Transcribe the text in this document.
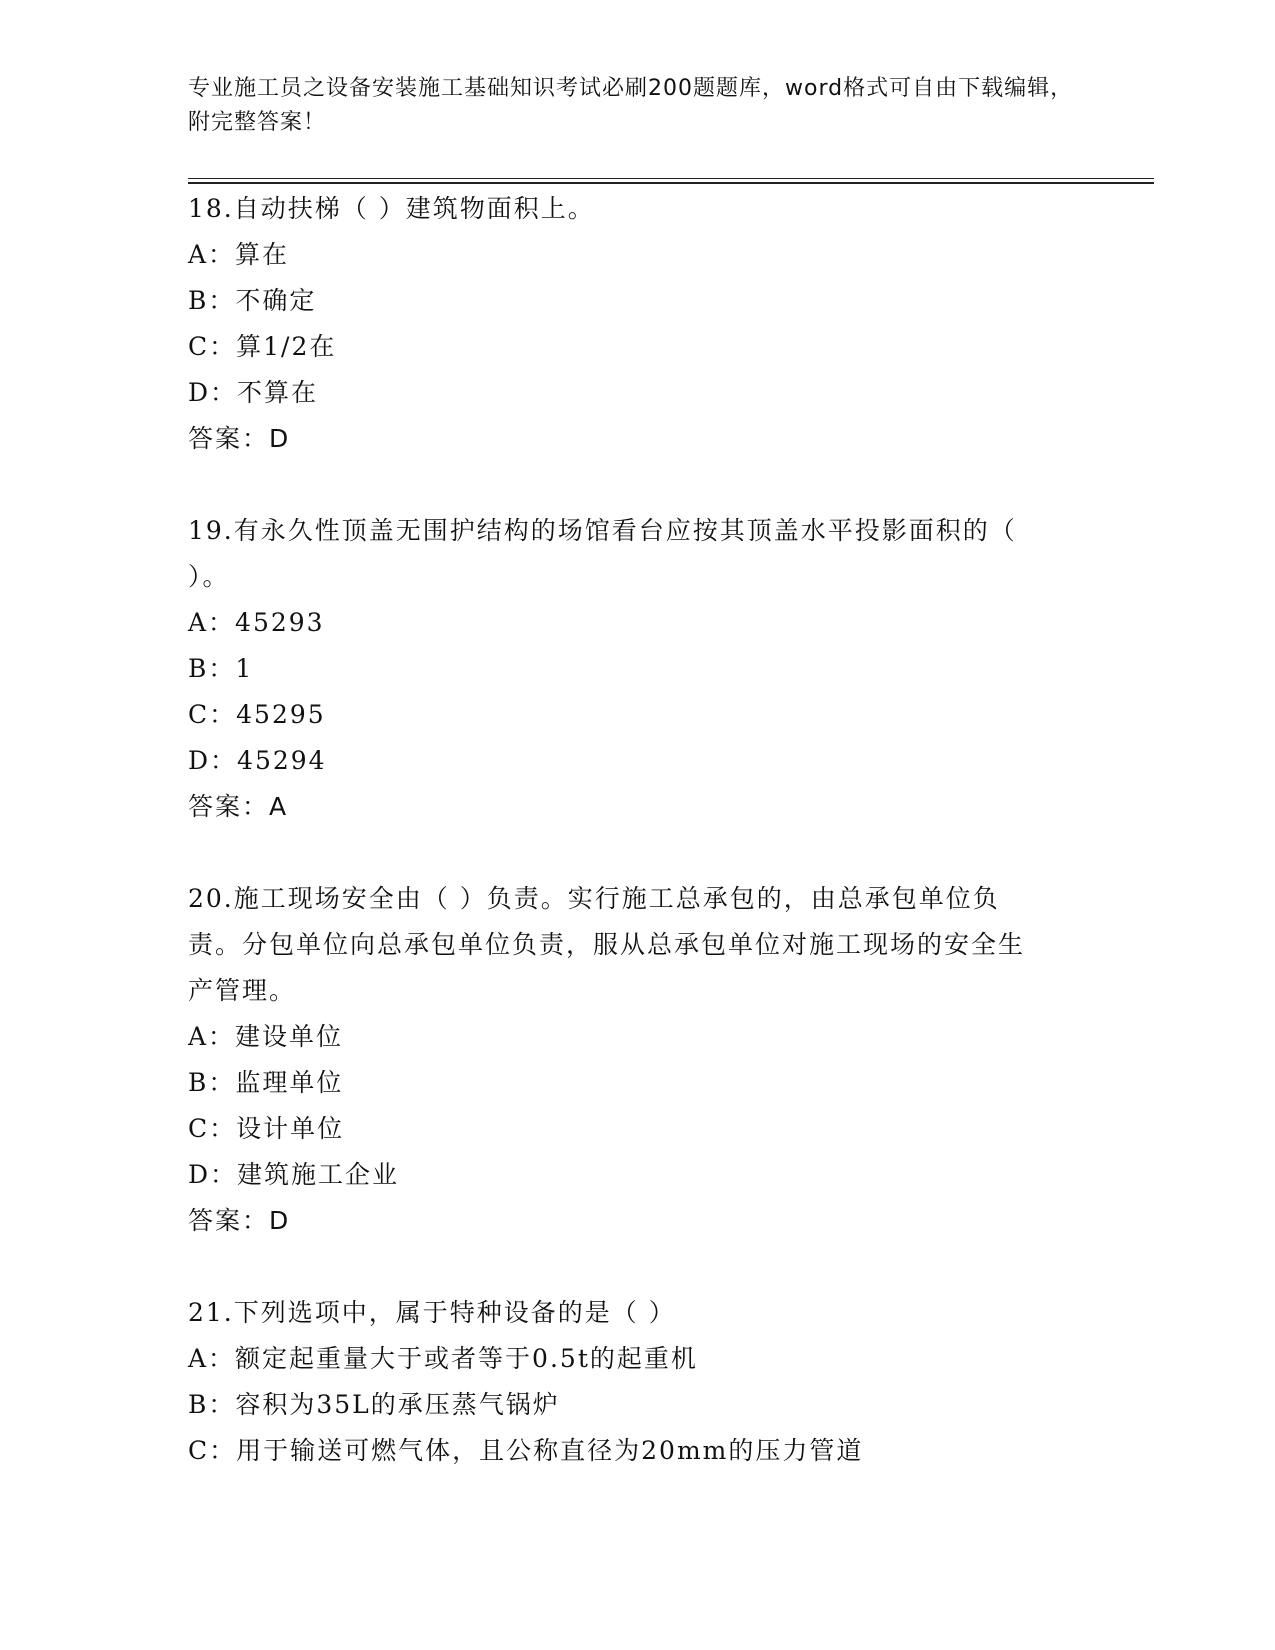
专业施工员之设备安装施工基础知识考试必刷200题题库，word格式可自由下载编辑，附完整答案！
18.自动扶梯（ ）建筑物面积上。
A：算在
B：不确定
C：算1/2在
D：不算在
答案：D
19.有永久性顶盖无围护结构的场馆看台应按其顶盖水平投影面积的（ ）。
A：45293
B：1
C：45295
D：45294
答案：A
20.施工现场安全由（ ）负责。实行施工总承包的，由总承包单位负责。分包单位向总承包单位负责，服从总承包单位对施工现场的安全生产管理。
A：建设单位
B：监理单位
C：设计单位
D：建筑施工企业
答案：D
21.下列选项中，属于特种设备的是（ ）
A：额定起重量大于或者等于0.5t的起重机
B：容积为35L的承压蒸气锅炉
C：用于输送可燃气体，且公称直径为20mm的压力管道
